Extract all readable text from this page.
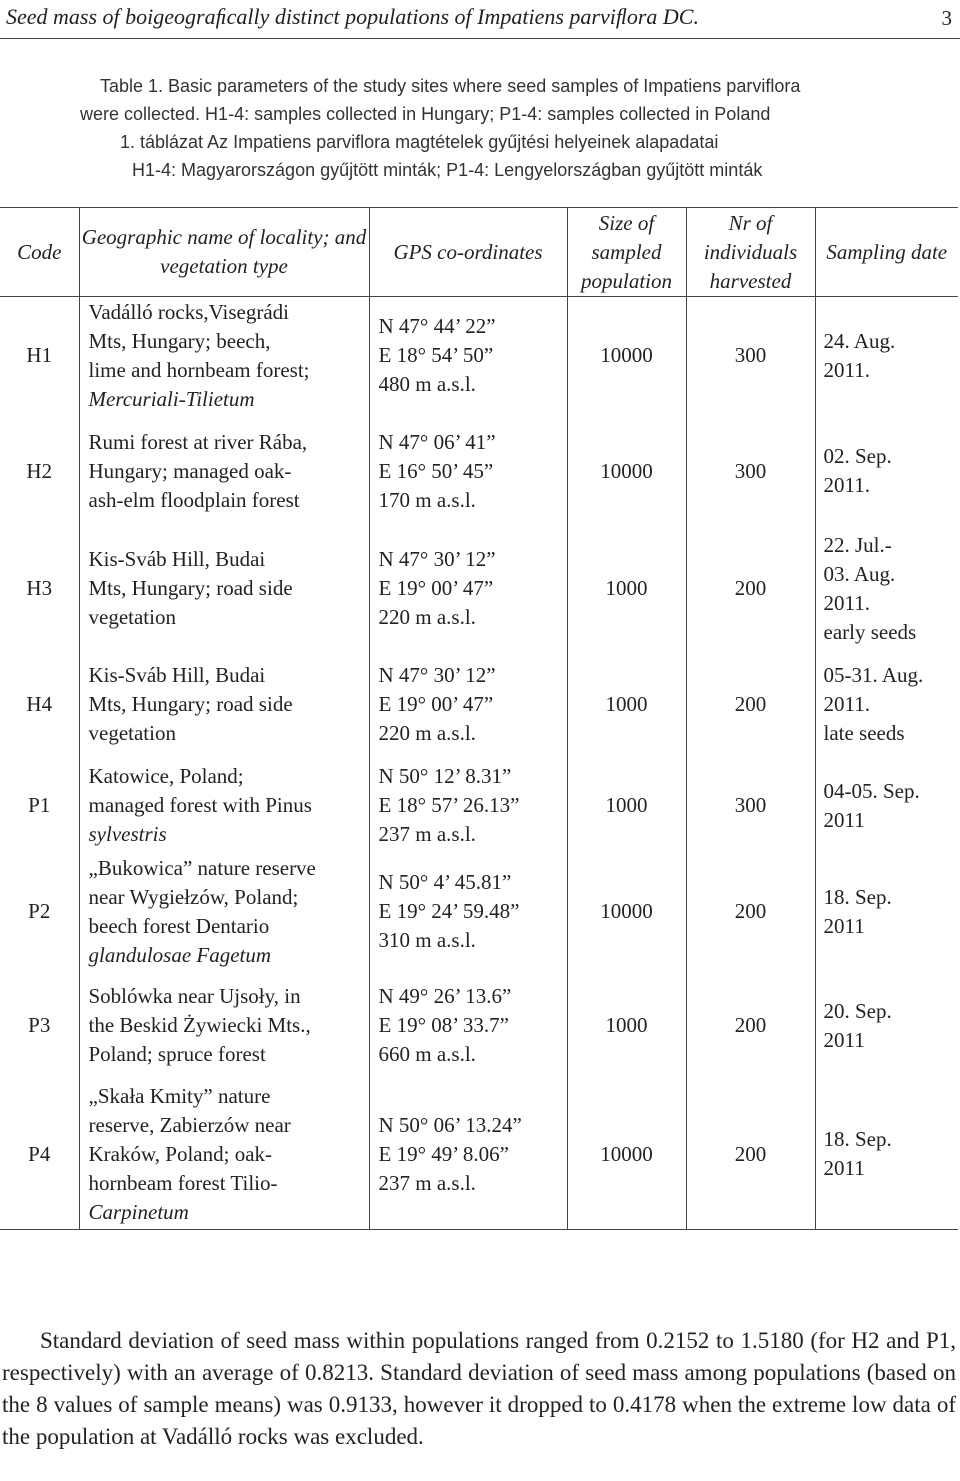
Seed mass of boigeograﬁcally distinct populations of Impatiens parviﬂora DC.	3

Table 1. Basic parameters of the study sites where seed samples of Impatiens parviflora

were collected. H1-4: samples collected in Hungary; P1-4: samples collected in Poland

1. táblázat Az Impatiens parviflora magtételek gyűjtési helyeinek alapadatai

H1-4: Magyarországon gyűjtött minták; P1-4: Lengyelországban gyűjtött minták

Code	Geographic name of locality; and vegetation type	GPS co-ordinates	Size of sampled population	Nr of individuals harvested	Sampling date
H1	Vadálló rocks,Visegrádi
Mts, Hungary; beech,
lime and hornbeam forest;
Mercuriali-Tilietum	N 47° 44’ 22”
E 18° 54’ 50”
480 m a.s.l.	10000	300	24. Aug.
2011.
H2	Rumi forest at river Rába,
Hungary; managed oak-
ash-elm floodplain forest	N 47° 06’ 41”
E 16° 50’ 45”
170 m a.s.l.	10000	300	02. Sep.
2011.
H3	Kis-Sváb Hill, Budai
Mts, Hungary; road side
vegetation	N 47° 30’ 12”
E 19° 00’ 47”
220 m a.s.l.	1000	200	22. Jul.-
03. Aug.
2011.
early seeds
H4	Kis-Sváb Hill, Budai
Mts, Hungary; road side
vegetation	N 47° 30’ 12”
E 19° 00’ 47”
220 m a.s.l.	1000	200	05-31. Aug.
2011.
late seeds
P1	Katowice, Poland;
managed forest with Pinus
sylvestris	N 50° 12’ 8.31”
E 18° 57’ 26.13”
237 m a.s.l.	1000	300	04-05. Sep.
2011
P2	„Bukowica” nature reserve
near Wygiełzów, Poland;
beech forest Dentario
glandulosae Fagetum	N 50° 4’ 45.81”
E 19° 24’ 59.48”
310 m a.s.l.	10000	200	18. Sep.
2011
P3	Soblówka near Ujsoły, in
the Beskid Żywiecki Mts.,
Poland; spruce forest	N 49° 26’ 13.6”
E 19° 08’ 33.7”
660 m a.s.l.	1000	200	20. Sep.
2011
P4	„Skała Kmity” nature
reserve, Zabierzów near
Kraków, Poland; oak-
hornbeam forest Tilio-
Carpinetum	N 50° 06’ 13.24”
E 19° 49’ 8.06”
237 m a.s.l.	10000	200	18. Sep.
2011

Standard deviation of seed mass within populations ranged from 0.2152 to 1.5180 (for H2 and P1, respectively) with an average of 0.8213. Standard deviation of seed mass among populations (based on the 8 values of sample means) was 0.9133, however it dropped to 0.4178 when the extreme low data of the population at Vadálló rocks was excluded.
